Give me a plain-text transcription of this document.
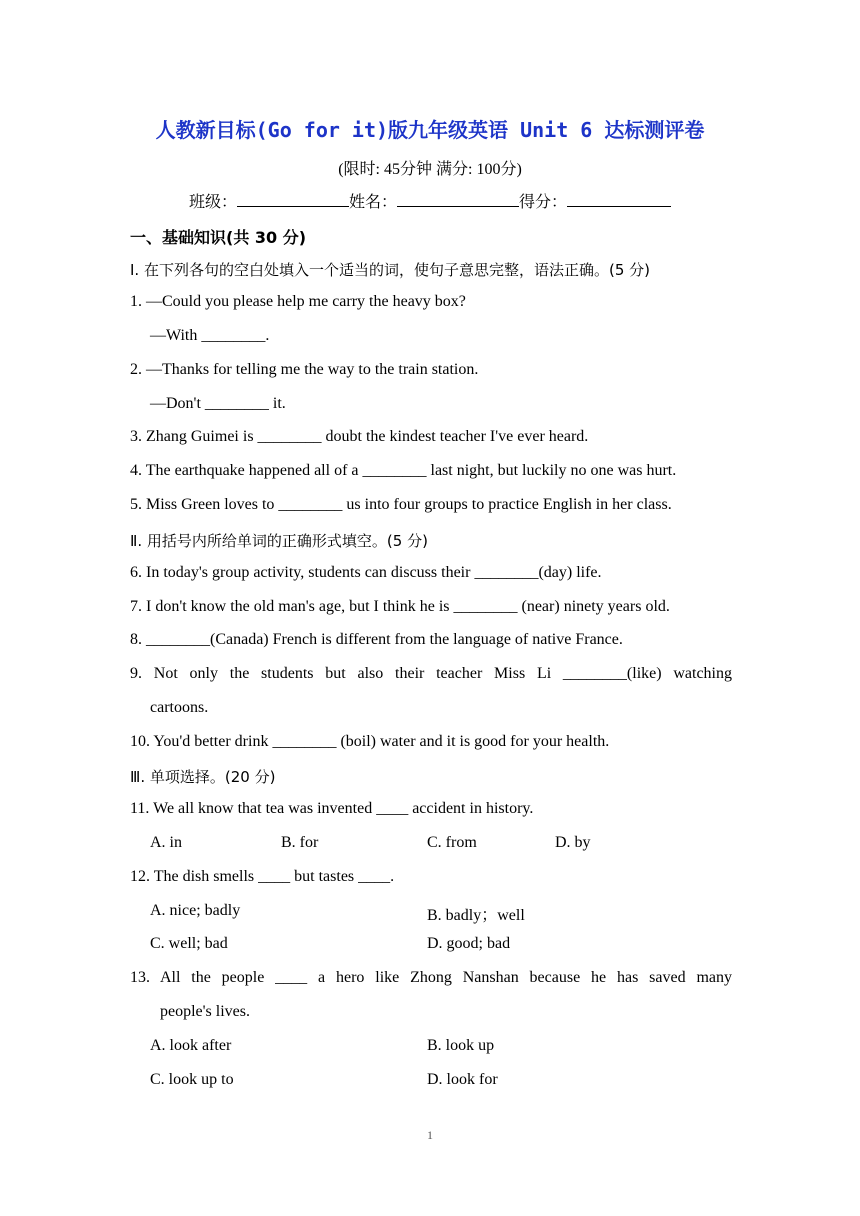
人教新目标(Go for it)版九年级英语 Unit 6 达标测评卷
(限时: 45分钟 满分: 100分)
班级：	姓名：	得分：
一、基础知识(共 30 分)
I. 在下列各句的空白处填入一个适当的词，使句子意思完整，语法正确。(5 分)
1. —Could you please help me carry the heavy box?
—With ________.
2. —Thanks for telling me the way to the train station.
—Don't ________ it.
3. Zhang Guimei is ________ doubt the kindest teacher I've ever heard.
4. The earthquake happened all of a ________ last night, but luckily no one was hurt.
5. Miss Green loves to ________ us into four groups to practice English in her class.
Ⅱ. 用括号内所给单词的正确形式填空。(5 分)
6. In today's group activity, students can discuss their ________(day) life.
7. I don't know the old man's age, but I think he is ________ (near) ninety years old.
8. ________(Canada) French is different from the language of native France.
9. Not only the students but also their teacher Miss Li ________(like) watching
cartoons.
10. You'd better drink ________ (boil) water and it is good for your health.
Ⅲ. 单项选择。(20 分)
11. We all know that tea was invented ____ accident in history.
A. in	B. for	C. from	D. by
12. The dish smells ____ but tastes ____.
A. nice; badly	B. badly；well
C. well; bad	D. good; bad
13. All the people ____ a hero like Zhong Nanshan because he has saved many
people's lives.
A. look after	B. look up
C. look up to	D. look for
1
